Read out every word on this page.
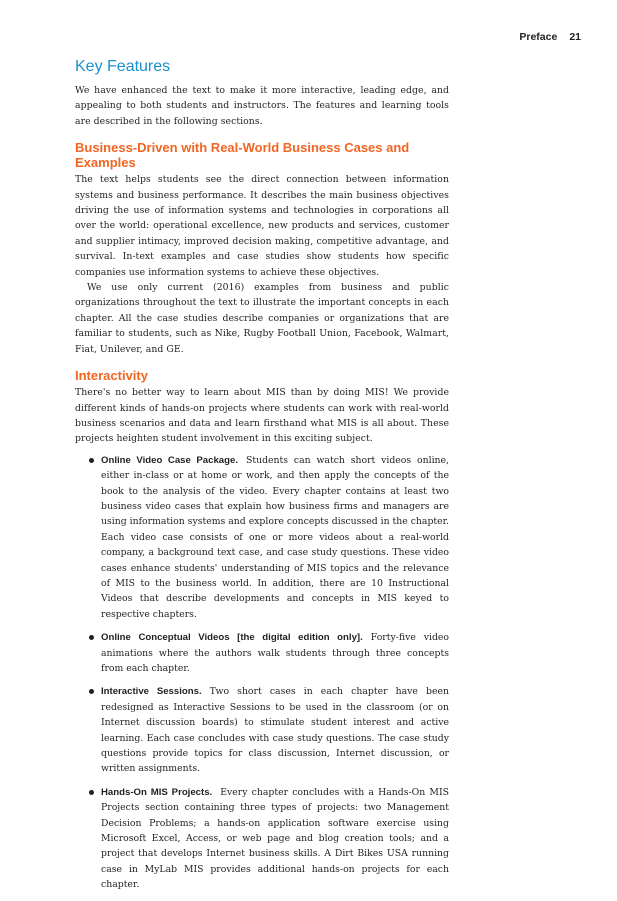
Preface 21
Key Features

We have enhanced the text to make it more interactive, leading edge, and appealing to both students and instructors. The features and learning tools are described in the following sections.

Business-Driven with Real-World Business Cases and Examples

The text helps students see the direct connection between information systems and business performance. It describes the main business objectives driving the use of information systems and technologies in corporations all over the world: operational excellence, new products and services, customer and supplier intimacy, improved decision making, competitive advantage, and survival. In-text examples and case studies show students how specific companies use information systems to achieve these objectives.

We use only current (2016) examples from business and public organizations throughout the text to illustrate the important concepts in each chapter. All the case studies describe companies or organizations that are familiar to students, such as Nike, Rugby Football Union, Facebook, Walmart, Fiat, Unilever, and GE.

Interactivity

There's no better way to learn about MIS than by doing MIS! We provide different kinds of hands-on projects where students can work with real-world business scenarios and data and learn firsthand what MIS is all about. These projects heighten student involvement in this exciting subject.

Online Video Case Package. Students can watch short videos online, either in-class or at home or work, and then apply the concepts of the book to the analysis of the video. Every chapter contains at least two business video cases that explain how business firms and managers are using information systems and explore concepts discussed in the chapter. Each video case consists of one or more videos about a real-world company, a background text case, and case study questions. These video cases enhance students' understanding of MIS topics and the relevance of MIS to the business world. In addition, there are 10 Instructional Videos that describe developments and concepts in MIS keyed to respective chapters.
Online Conceptual Videos [the digital edition only]. Forty-five video animations where the authors walk students through three concepts from each chapter.
Interactive Sessions. Two short cases in each chapter have been redesigned as Interactive Sessions to be used in the classroom (or on Internet discussion boards) to stimulate student interest and active learning. Each case concludes with case study questions. The case study questions provide topics for class discussion, Internet discussion, or written assignments.
Hands-On MIS Projects. Every chapter concludes with a Hands-On MIS Projects section containing three types of projects: two Management Decision Problems; a hands-on application software exercise using Microsoft Excel, Access, or web page and blog creation tools; and a project that develops Internet business skills. A Dirt Bikes USA running case in MyLab MIS provides additional hands-on projects for each chapter.
